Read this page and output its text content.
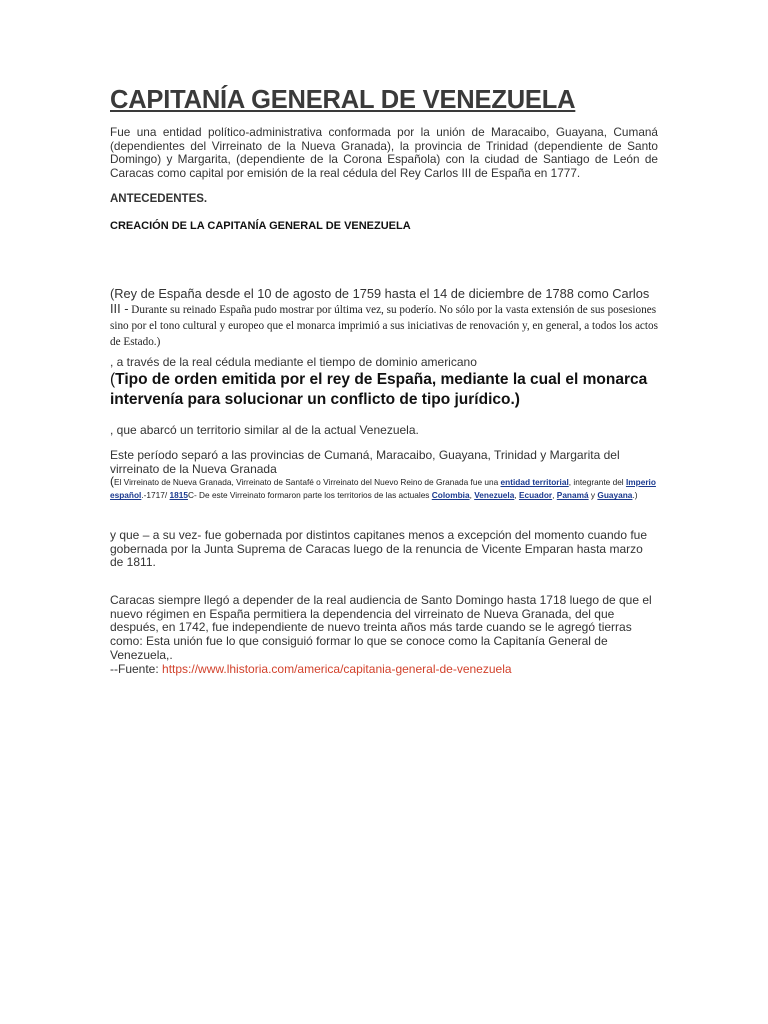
CAPITANÍA GENERAL DE VENEZUELA

Fue una entidad político-administrativa conformada por la unión de Maracaibo, Guayana, Cumaná (dependientes del Virreinato de la Nueva Granada), la provincia de Trinidad (dependiente de Santo Domingo) y Margarita, (dependiente de la Corona Española) con la ciudad de Santiago de León de Caracas como capital por emisión de la real cédula del Rey Carlos III de España en 1777.

ANTECEDENTES.
CREACIÓN DE LA CAPITANÍA GENERAL DE VENEZUELA

(Rey de España desde el 10 de agosto de 1759 hasta el 14 de diciembre de 1788 como Carlos III - Durante su reinado España pudo mostrar por última vez, su poderío. No sólo por la vasta extensión de sus posesiones sino por el tono cultural y europeo que el monarca imprimió a sus iniciativas de renovación y, en general, a todos los actos de Estado.)

, a través de la real cédula mediante el tiempo de dominio americano

(Tipo de orden emitida por el rey de España, mediante la cual el monarca intervenía para solucionar un conflicto de tipo jurídico.)

, que abarcó un territorio similar al de la actual Venezuela.

Este período separó a las provincias de Cumaná, Maracaibo, Guayana, Trinidad y Margarita del virreinato de la Nueva Granada

(El Virreinato de Nueva Granada, Virreinato de Santafé o Virreinato del Nuevo Reino de Granada fue una entidad territorial, integrante del Imperio español.-1717/ 1815C- De este Virreinato formaron parte los territorios de las actuales Colombia, Venezuela, Ecuador, Panamá y Guayana.)

y que – a su vez- fue gobernada por distintos capitanes menos a excepción del momento cuando fue gobernada por la Junta Suprema de Caracas luego de la renuncia de Vicente Emparan hasta marzo de 1811.

Caracas siempre llegó a depender de la real audiencia de Santo Domingo hasta 1718 luego de que el nuevo régimen en España permitiera la dependencia del virreinato de Nueva Granada, del que después, en 1742, fue independiente de nuevo treinta años más tarde cuando se le agregó tierras como: Esta unión fue lo que consiguió formar lo que se conoce como la Capitanía General de Venezuela,.
--Fuente: https://www.lhistoria.com/america/capitania-general-de-venezuela
